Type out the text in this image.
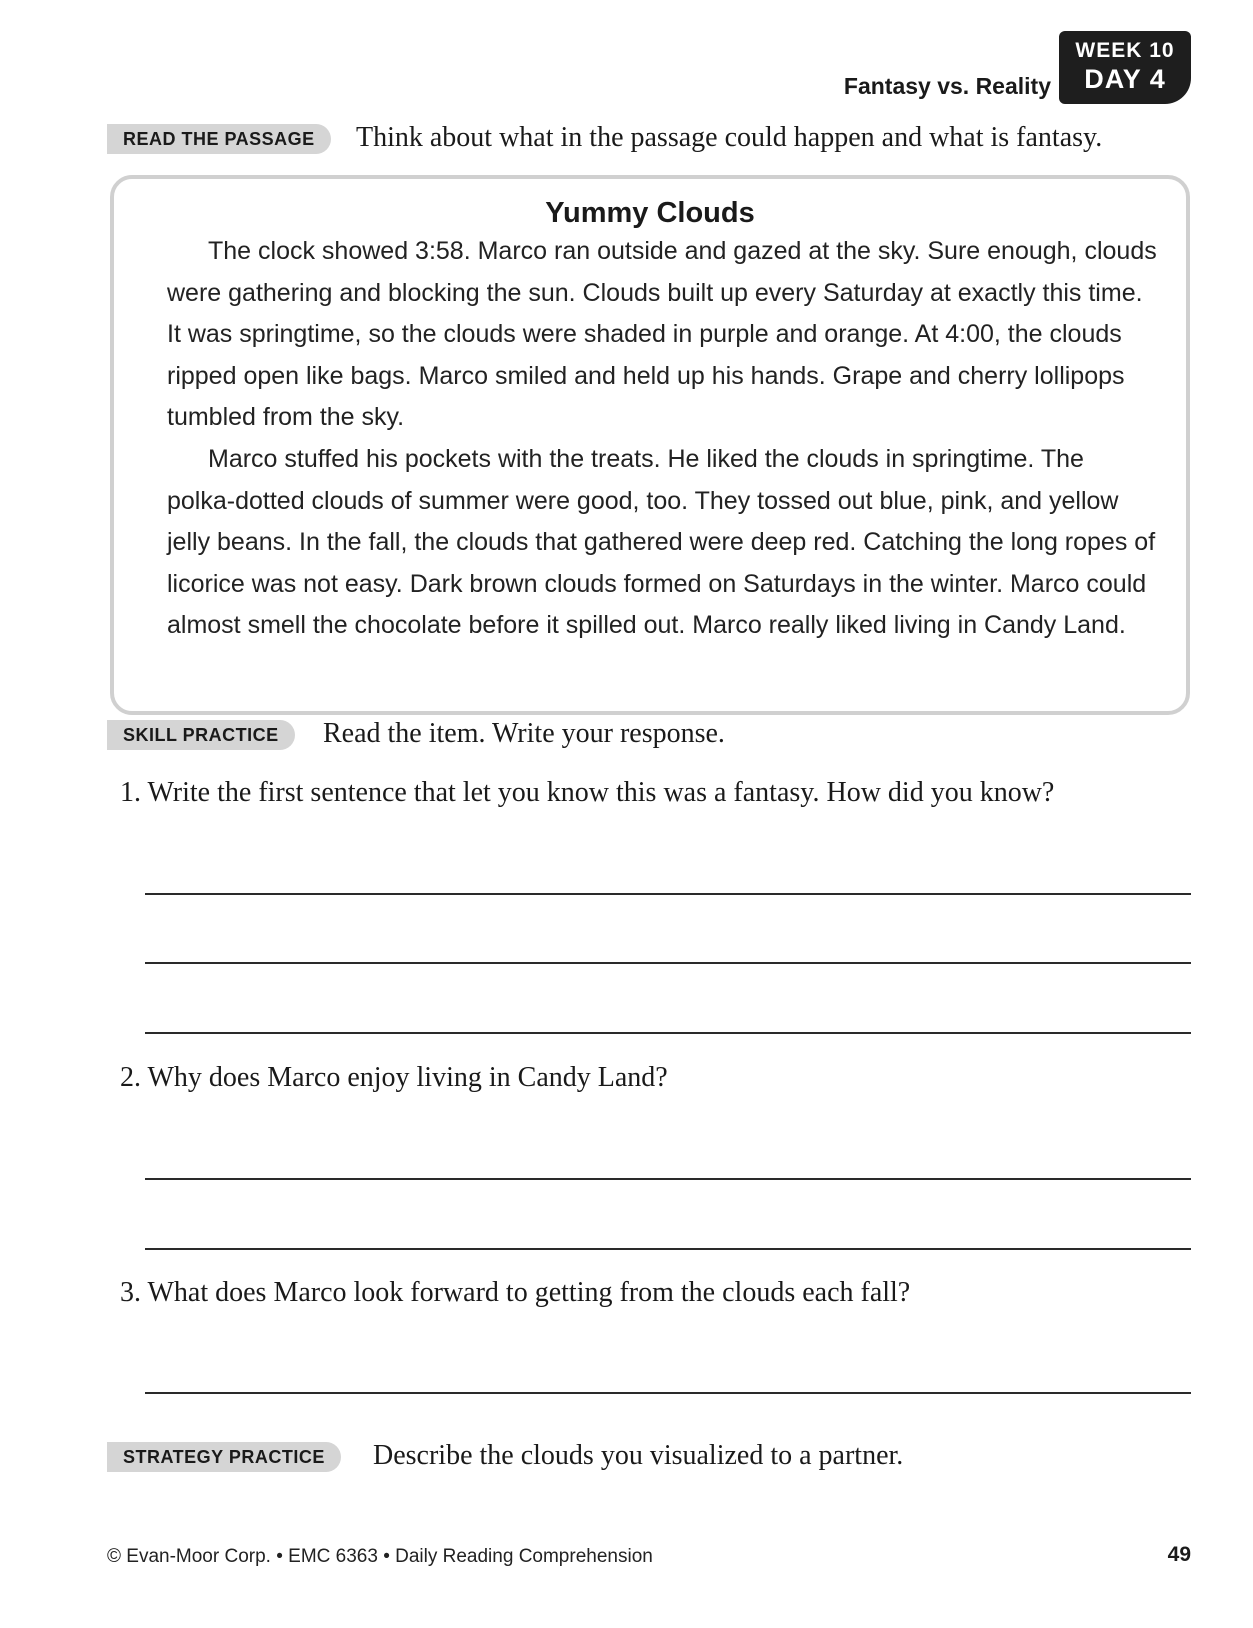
WEEK 10
DAY 4
Fantasy vs. Reality
READ THE PASSAGE	Think about what in the passage could happen and what is fantasy.
Yummy Clouds

The clock showed 3:58. Marco ran outside and gazed at the sky. Sure enough, clouds were gathering and blocking the sun. Clouds built up every Saturday at exactly this time. It was springtime, so the clouds were shaded in purple and orange. At 4:00, the clouds ripped open like bags. Marco smiled and held up his hands. Grape and cherry lollipops tumbled from the sky.

Marco stuffed his pockets with the treats. He liked the clouds in springtime. The polka-dotted clouds of summer were good, too. They tossed out blue, pink, and yellow jelly beans. In the fall, the clouds that gathered were deep red. Catching the long ropes of licorice was not easy. Dark brown clouds formed on Saturdays in the winter. Marco could almost smell the chocolate before it spilled out. Marco really liked living in Candy Land.

SKILL PRACTICE	Read the item. Write your response.
1. Write the first sentence that let you know this was a fantasy. How did you know?
2. Why does Marco enjoy living in Candy Land?
3. What does Marco look forward to getting from the clouds each fall?
STRATEGY PRACTICE	Describe the clouds you visualized to a partner.
© Evan-Moor Corp. • EMC 6363 • Daily Reading Comprehension	49
